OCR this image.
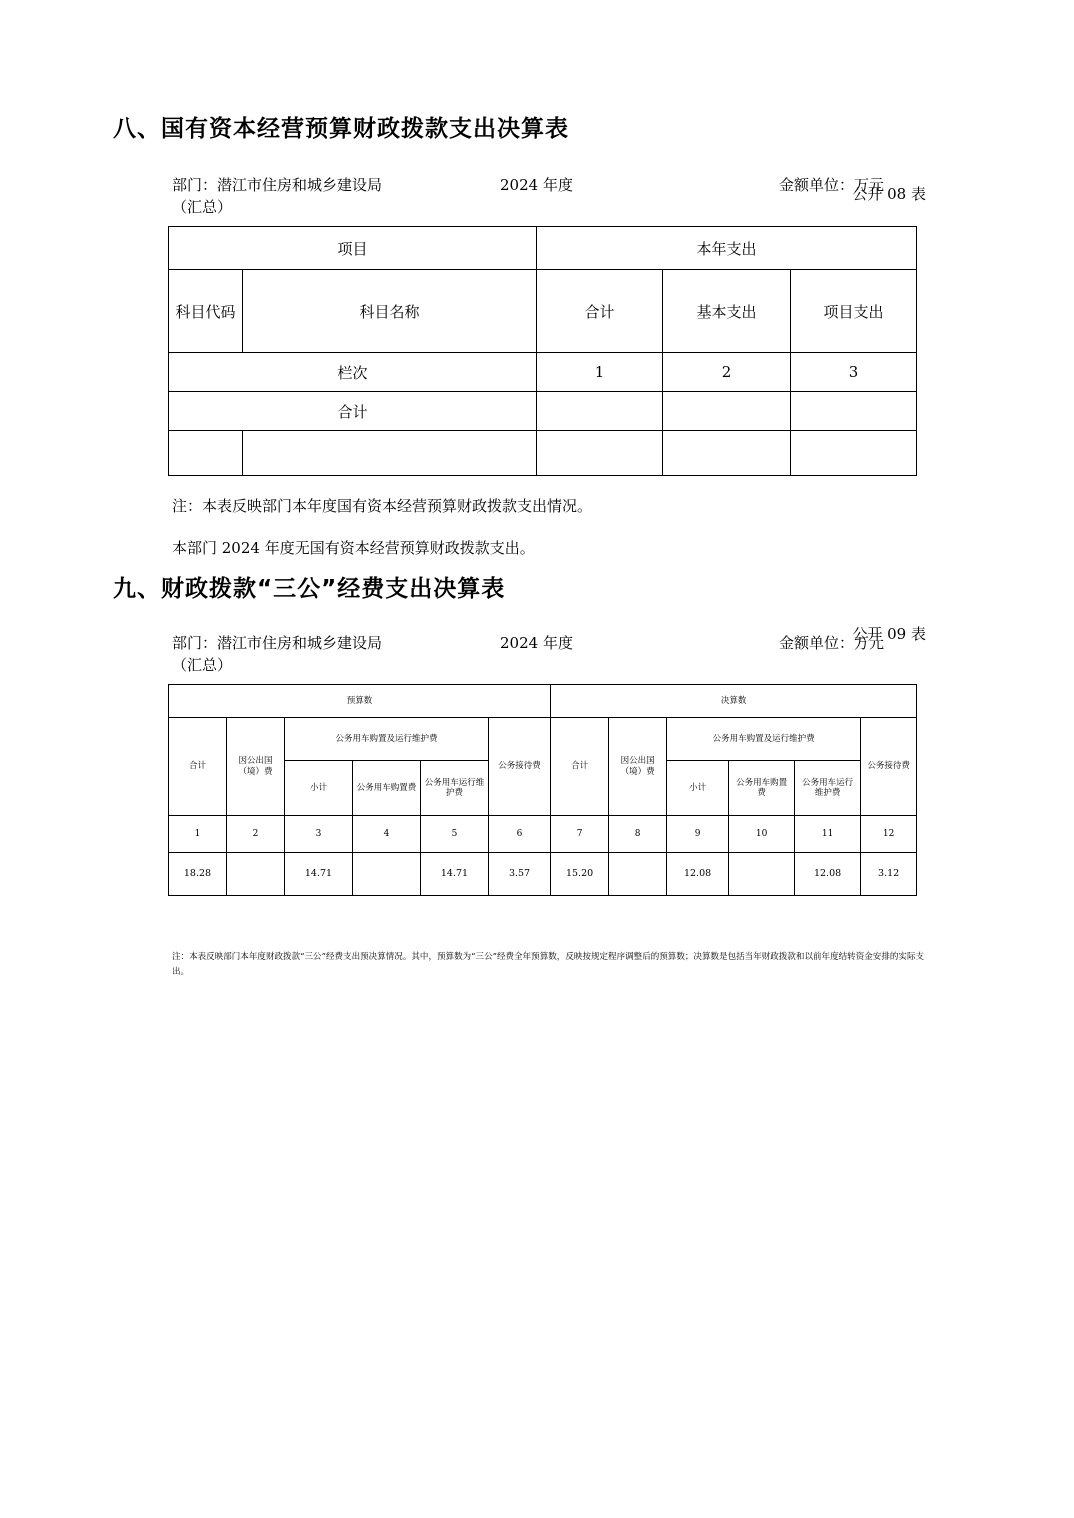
八、国有资本经营预算财政拨款支出决算表
公开 08 表
部门：潜江市住房和城乡建设局	2024 年度	金额单位：万元
（汇总）
项目		本年支出		
科目代码	科目名称	合计	基本支出	项目支出
栏次		1	2	3
合计				

注：本表反映部门本年度国有资本经营预算财政拨款支出情况。
本部门 2024 年度无国有资本经营预算财政拨款支出。
九、财政拨款“三公”经费支出决算表
公开 09 表
部门：潜江市住房和城乡建设局	2024 年度	金额单位：万元
（汇总）
预算数						决算数					
合计	因公出国（境）费	公务用车购置及运行维护费			公务接待费	合计	因公出国（境）费	公务用车购置及运行维护费			公务接待费
		小计	公务用车购置费	公务用车运行维护费				小计	公务用车购置费	公务用车运行维护费	
1	2	3	4	5	6	7	8	9	10	11	12
18.28		14.71		14.71	3.57	15.20		12.08		12.08	3.12
注：本表反映部门本年度财政拨款“三公”经费支出预决算情况。其中，预算数为“三公”经费全年预算数，反映按规定程序调整后的预算数；决算数是包括当年财政拨款和以前年度结转资金安排的实际支出。
